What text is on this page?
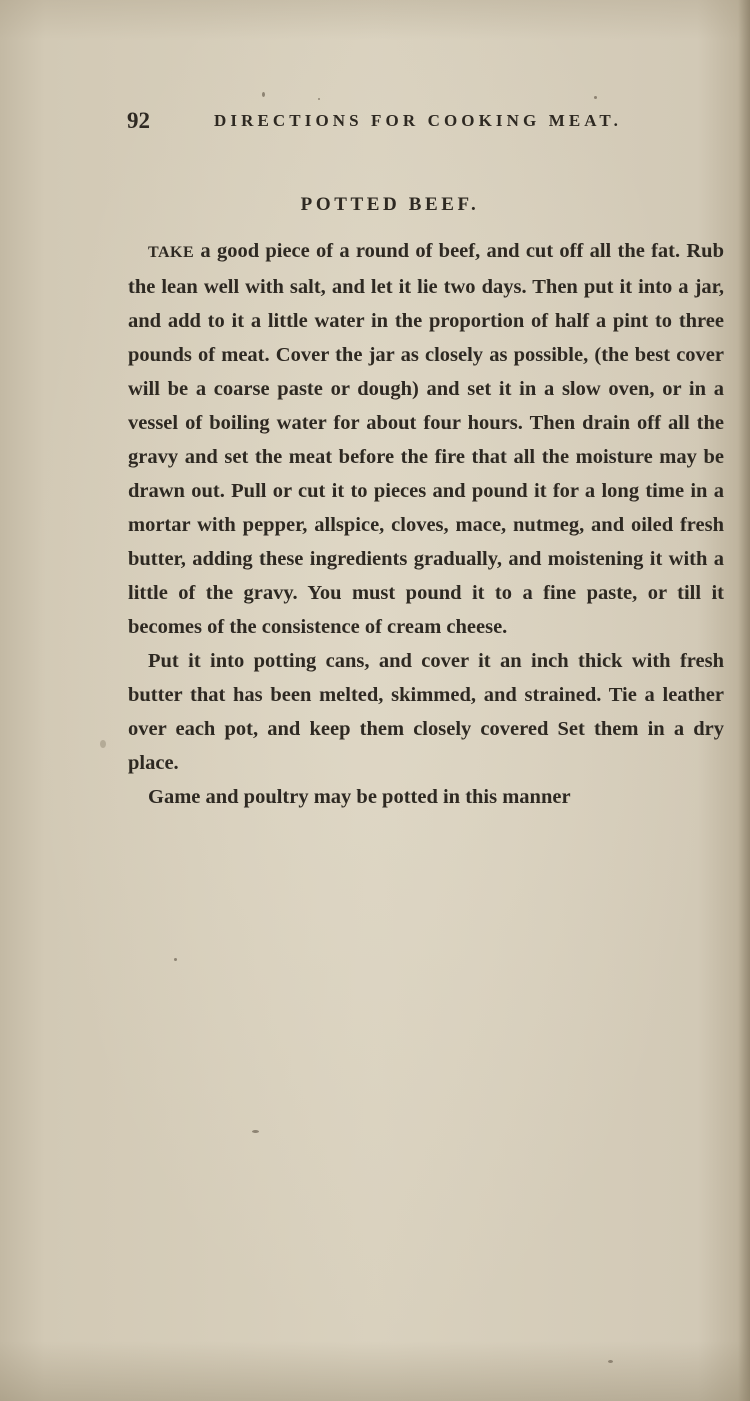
92	DIRECTIONS FOR COOKING MEAT.
POTTED BEEF.

TAKE a good piece of a round of beef, and cut off all the fat. Rub the lean well with salt, and let it lie two days. Then put it into a jar, and add to it a little water in the proportion of half a pint to three pounds of meat. Cover the jar as closely as possible, (the best cover will be a coarse paste or dough) and set it in a slow oven, or in a vessel of boiling water for about four hours. Then drain off all the gravy and set the meat before the fire that all the moisture may be drawn out. Pull or cut it to pieces and pound it for a long time in a mortar with pepper, allspice, cloves, mace, nutmeg, and oiled fresh butter, adding these ingredients gradually, and moistening it with a little of the gravy. You must pound it to a fine paste, or till it becomes of the consistence of cream cheese.

Put it into potting cans, and cover it an inch thick with fresh butter that has been melted, skimmed, and strained. Tie a leather over each pot, and keep them closely covered Set them in a dry place.

Game and poultry may be potted in this manner
